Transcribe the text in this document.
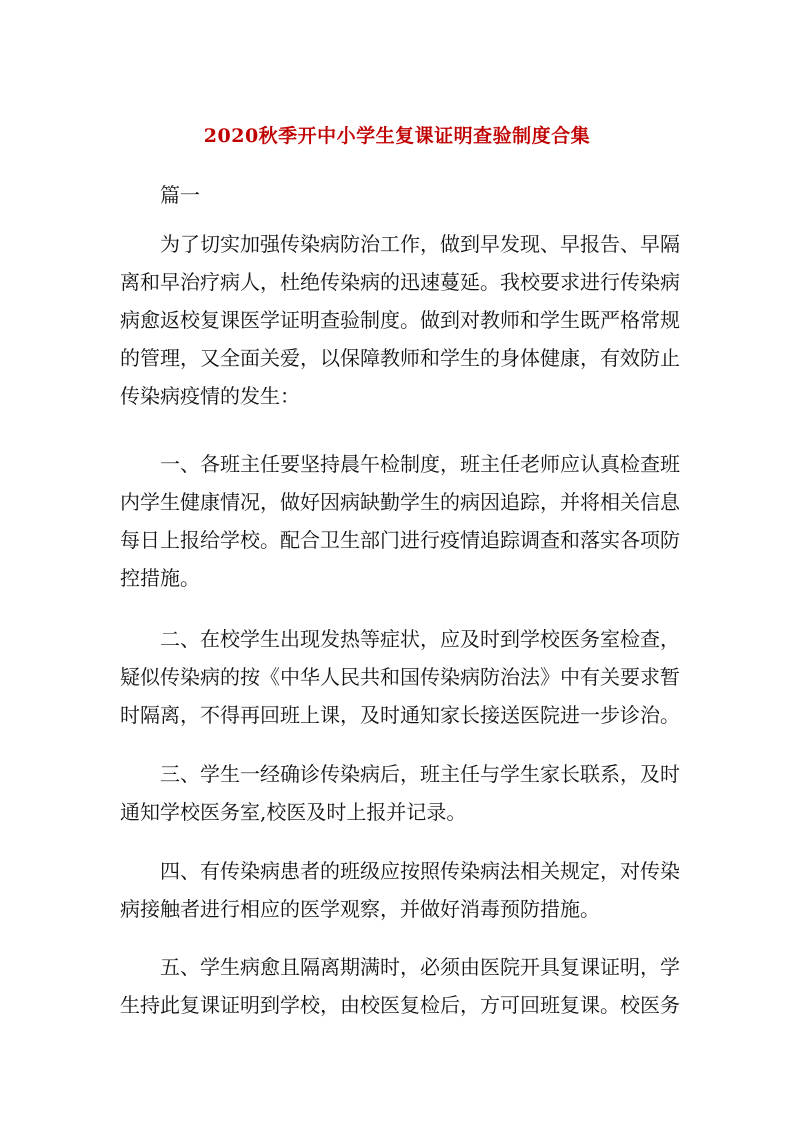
2020秋季开中小学生复课证明查验制度合集
篇一
为了切实加强传染病防治工作，做到早发现、早报告、早隔
离和早治疗病人，杜绝传染病的迅速蔓延。我校要求进行传染病
病愈返校复课医学证明查验制度。做到对教师和学生既严格常规
的管理，又全面关爱，以保障教师和学生的身体健康，有效防止
传染病疫情的发生：
一、各班主任要坚持晨午检制度，班主任老师应认真检查班
内学生健康情况，做好因病缺勤学生的病因追踪，并将相关信息
每日上报给学校。配合卫生部门进行疫情追踪调查和落实各项防
控措施。
二、在校学生出现发热等症状，应及时到学校医务室检查，
疑似传染病的按《中华人民共和国传染病防治法》中有关要求暂
时隔离，不得再回班上课，及时通知家长接送医院进一步诊治。
三、学生一经确诊传染病后，班主任与学生家长联系，及时
通知学校医务室,校医及时上报并记录。
四、有传染病患者的班级应按照传染病法相关规定，对传染
病接触者进行相应的医学观察，并做好消毒预防措施。
五、学生病愈且隔离期满时，必须由医院开具复课证明，学
生持此复课证明到学校，由校医复检后，方可回班复课。校医务
